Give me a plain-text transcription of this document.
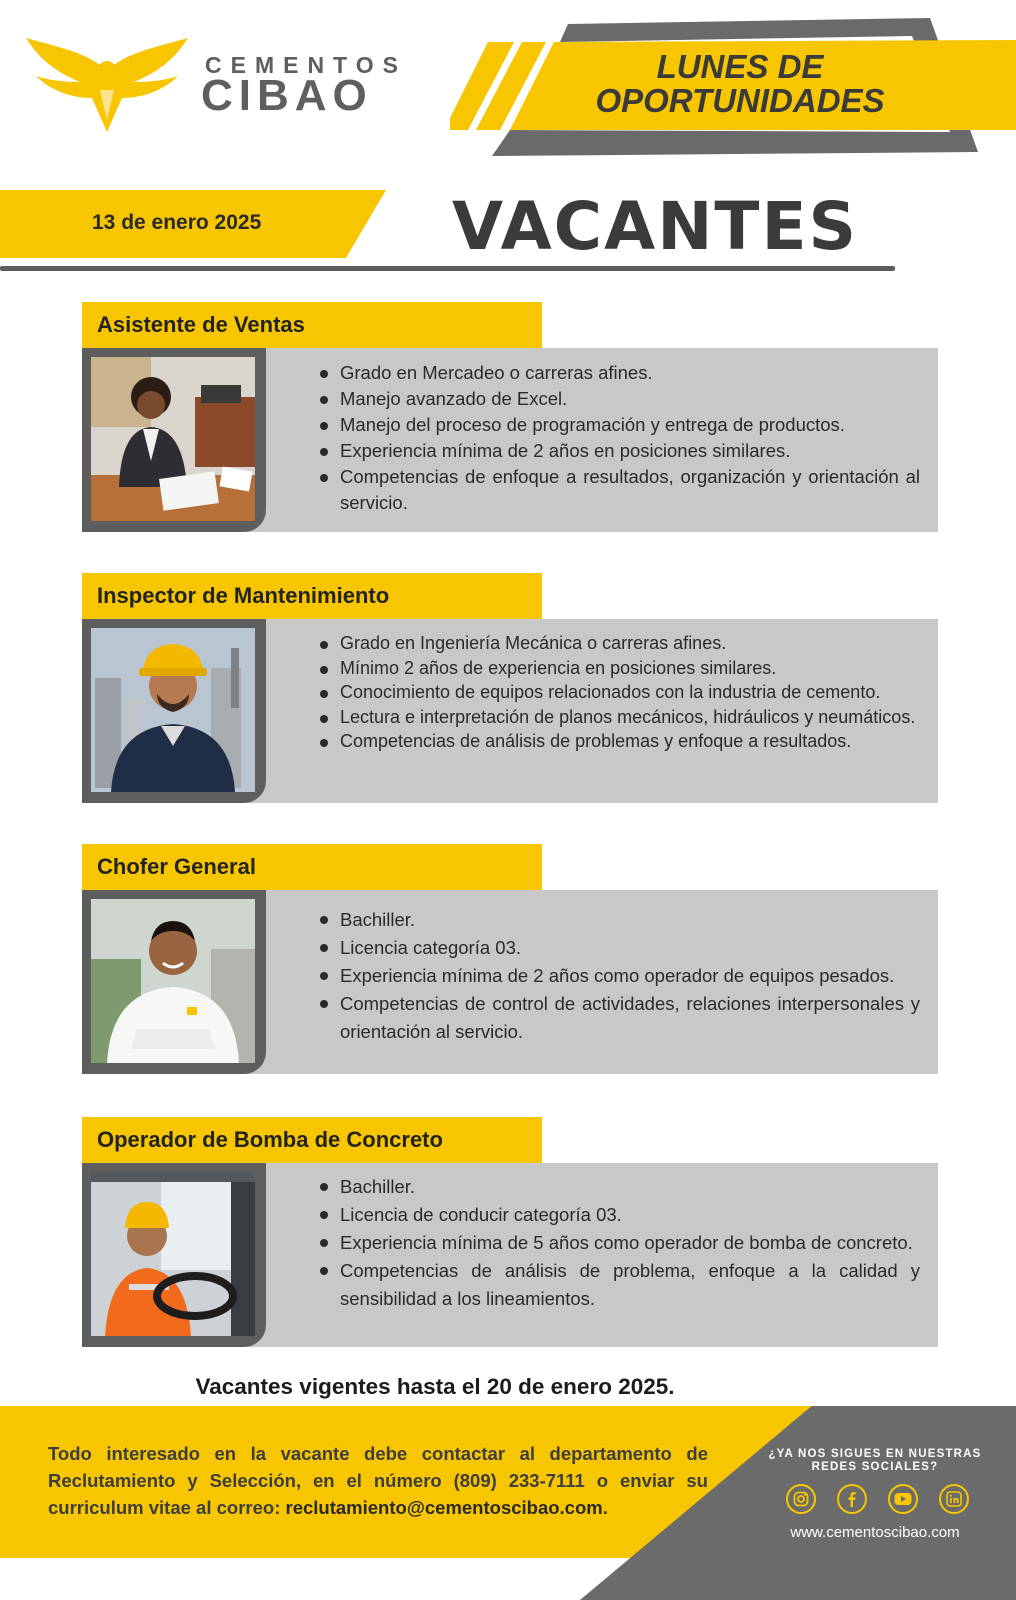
CEMENTOS
CIBAO
LUNES DE
OPORTUNIDADES
13 de enero 2025	VACANTES
Asistente de Ventas
Grado en Mercadeo o carreras afines.
Manejo avanzado de Excel.
Manejo del proceso de programación y entrega de productos.
Experiencia mínima de 2 años en posiciones similares.
Competencias de enfoque a resultados, organización y orientación al servicio.
Inspector de Mantenimiento
Grado en Ingeniería Mecánica o carreras afines.
Mínimo 2 años de experiencia en posiciones similares.
Conocimiento de equipos relacionados con la industria de cemento.
Lectura e interpretación de planos mecánicos, hidráulicos y neumáticos.
Competencias de análisis de problemas y enfoque a resultados.
Chofer General
Bachiller.
Licencia categoría 03.
Experiencia mínima de 2 años como operador de equipos pesados.
Competencias de control de actividades, relaciones interpersonales y orientación al servicio.
Operador de Bomba de Concreto
Bachiller.
Licencia de conducir categoría 03.
Experiencia mínima de 5 años como operador de bomba de concreto.
Competencias de análisis de problema, enfoque a la calidad y sensibilidad a los lineamientos.
Vacantes vigentes hasta el 20 de enero 2025.
Todo interesado en la vacante debe contactar al departamento de Reclutamiento y Selección, en el número (809) 233-7111 o enviar su curriculum vitae al correo: reclutamiento@cementoscibao.com.
¿YA NOS SIGUES EN NUESTRAS REDES SOCIALES?
www.cementoscibao.com
